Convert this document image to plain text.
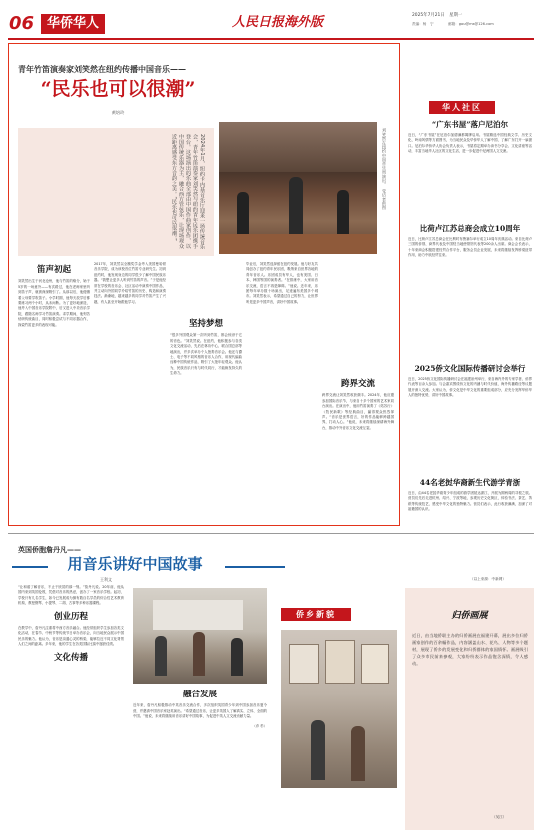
06 华侨华人	人民日报海外版	2025年7月21日　星期一
责编：杨　宁	邮箱：gou@ms@126.com
青年竹笛演奏家刘笑然在纽约传播中国音乐——
“民乐也可以很潮”
黄培玲
刘笑然在纽约中国音乐周演出。　受访者供图
2024年1月，纽约卡内基音乐厅迎来一场传统音乐会，青年竹笛演奏家刘笑然与纽约青年民乐团携手登台。这场演出的乐曲全部由中国作曲家创作，以中国传统乐器为主，融合西方管弦乐，让现场观众近距离感受东方音韵之美。“民乐也可以很潮。”
笛声初起
刘笑然出生于河北沧州，他与竹笛的缘分，始于5岁的一场意外——有次路过，他在老师家里听到笛子声，就被深深吸引了。从那以后，他便缠着父母要学吹笛子。小学时期，他每天放学后都要练习两个小时，从未间断。为了更好地深造，他考入中国音乐学院附中，后又进入中央音乐学院，跟随名师学习竹笛演奏。求学期间，他刻苦钻研传统曲目，同时积极尝试与不同乐器合作，探索竹笛更多的表现可能。
2017年，刘笑然以全额奖学金考入美国曼哈顿音乐学院，成为该校首位竹笛专业研究生。初到纽约时，他发现身边的同学很少了解中国民族乐器。“我想让更多人听到竹笛的声音。”于是他经常在学校的音乐会、社区活动中演奏中国作品，并主动向外国同学介绍竹笛的历史、构造和演奏技法。渐渐地，越来越多的同学对竹笛产生了兴趣，有人甚至开始跟他学习。
坚持梦想
“很多外国观众第一次听到竹笛，都会惊讶于它的音色。”刘笑然说。在纽约，他积极参与各类文化交流活动，先后在林肯中心、联合国总部等地演出，并多次举办个人独奏音乐会。他还与爵士、电子等不同风格的音乐人合作，用现代编曲诠释中国传统作品，吸引了大批年轻观众。他认为，民族音乐只有与时代同行，才能焕发持久的生命力。
毕业后，刘笑然选择留在纽约发展。他与好友共同创办了纽约青年民乐团，吸纳来自世界各地的青年音乐人。乐团成员有华人，也有美国、日本、韩国等国的演奏者。“在排练中，大家用音乐交流，语言不再是障碍。”他说。近年来，乐团每年举办数十场演出，足迹遍布美国多个城市。刘笑然表示，希望通过自己的努力，让世界听见更多中国声音，讲好中国故事。
跨界交流
跨界交流让刘笑然收获颇丰。2024年，他应邀参加国际音乐节，与来自十多个国家的艺术家同台演出。在演出中，他用竹笛演奏了《姑苏行》《牧民新歌》等经典曲目，赢得观众热烈掌声。“音乐是世界语言，好的作品能够跨越国界，打动人心。”他说，未来将继续深耕海外舞台，推动中外音乐文化交流互鉴。
华人社区
“广东书屋”落户尼泊尔
近日，“广东书屋”在尼泊尔加德满都揭牌启用。书屋精选中国经典文学、历史文化、岭南风情等方面图书，为当地民众及华侨华人了解中国、了解广东打开一扇窗口。尼泊尔华侨华人协会负责人表示，书屋将定期举办读书分享会、文化讲座等活动，丰富当地华人社区的文化生活，进一步促进中尼两国人文交流。
比荷卢江苏总商会成立10周年
近日，比荷卢江苏总商会在比利时布鲁塞尔举行成立10周年庆典活动。来自比荷卢三国的侨领、商界代表及中国驻当地使领馆代表等200余人出席。商会会长表示，十年来商会积极搭建经贸合作平台，服务会员企业发展，未来将继续发挥桥梁纽带作用，助力中欧经贸往来。
2025侨文化国际传播研讨会举行
近日，2025侨文化国际传播研讨会在福建泉州举行，来自海内外的专家学者、侨界代表等百余人参加。与会嘉宾围绕侨文化的内涵与时代价值、海外传播路径等议题展开深入交流。大家认为，侨文化是中华文化的重要组成部分，应充分发挥华侨华人的独特优势，讲好中国故事。
44名老挝华裔新生代游学青浙
近日，由44名老挝华裔青少年组成的游学团抵达浙江，开展为期两周的寻根之旅。营员们先后走进杭州、绍兴、宁波等地，参观历史文化街区，体验书法、茶艺、剪纸等传统技艺，感受中华文化的独特魅力。营员们表示，此行收获满满，加深了对祖籍国的认识。
（以上来源：中新网）
英国侨胞詹丹凡——
用音乐讲好中国故事
王利文
“让和谐了解音乐，不止于欣赏的那一刻。”詹丹凡说。20年前，他从国内来到英国伦敦，凭借对音乐的热爱，创办了一家音乐学校。起初，学校只有几名学生，如今已发展成为拥有数百名学员的综合性艺术教育机构，教授钢琴、小提琴、二胡、古筝等多种乐器课程。
创业历程
在教学中，詹丹凡注重将中西方音乐融合。他经常组织学生参加各类文化活动，在春节、中秋节等传统节日举办音乐会，向当地民众展示中国民乐的魅力。他认为，音乐是沟通心灵的桥梁，能够拉近不同文化背景人们之间的距离。多年来，他的学生在各类国际比赛中屡获佳绩。
文化传播
融合发展
近年来，詹丹凡积极推动中英音乐交流合作，多次组织英国青少年到中国参加音乐夏令营，并邀请中国音乐家赴英演出。“希望通过音乐，让更多英国人了解真实、立体、全面的中国。”他说，未来将继续用音乐讲好中国故事，为促进中英人文交流贡献力量。
（乔 杉）
侨乡新貌	归侨画展
近日，由当地侨联主办的归侨画展在福建开幕，展出多位归侨画家创作的百余幅作品，内容涵盖山水、花鸟、人物等多个题材，展现了侨乡的发展变化和归侨群体的家国情怀。画展吸引了众多市民前来参观，大家纷纷表示作品饱含深情，令人感动。
（吴江）
